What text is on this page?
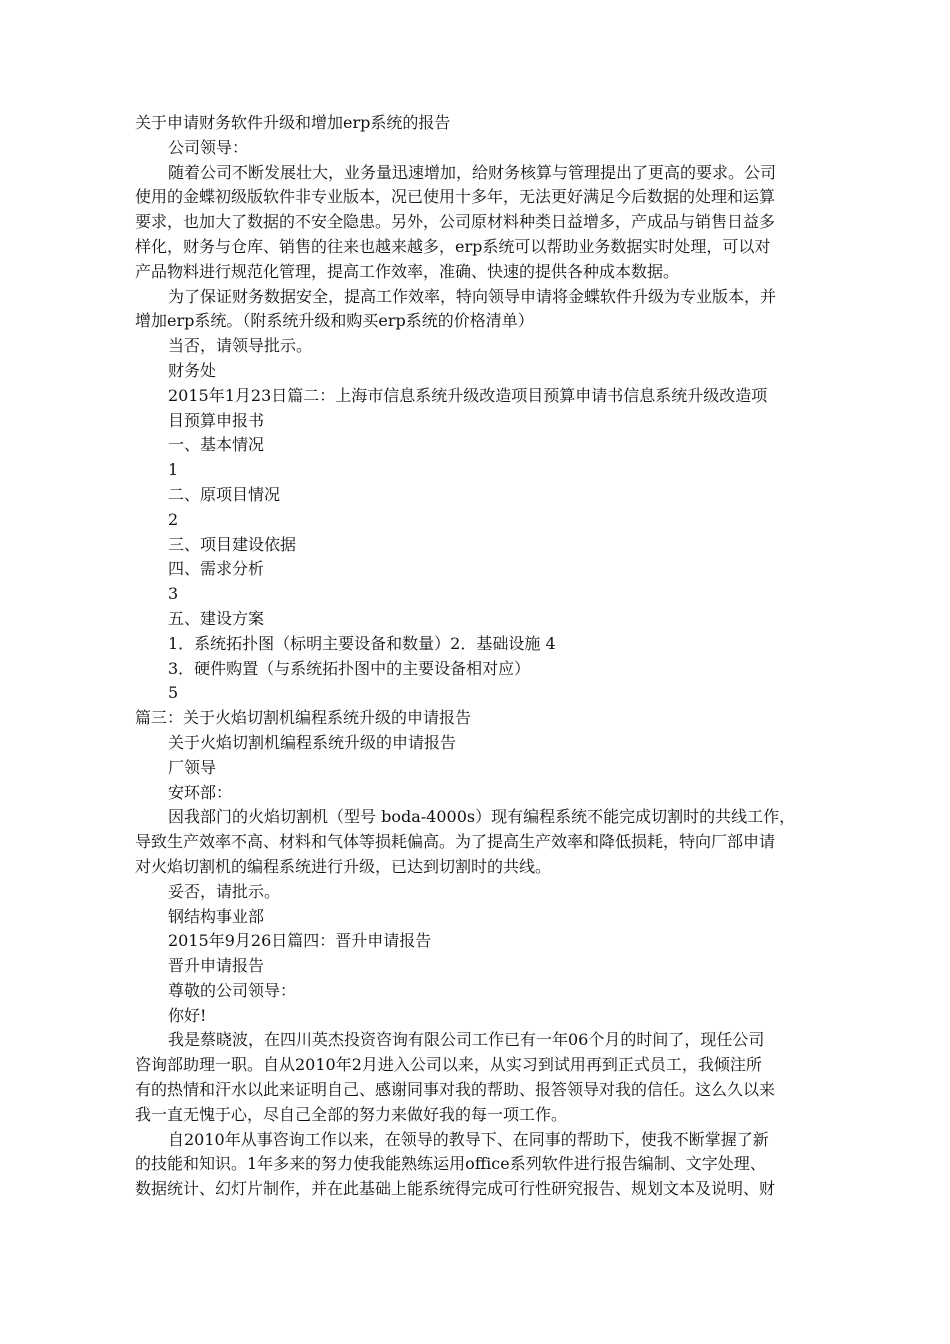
关于申请财务软件升级和增加erp系统的报告
公司领导：
随着公司不断发展壮大，业务量迅速增加，给财务核算与管理提出了更高的要求。公司
使用的金蝶初级版软件非专业版本，况已使用十多年，无法更好满足今后数据的处理和运算
要求，也加大了数据的不安全隐患。另外，公司原材料种类日益增多，产成品与销售日益多
样化，财务与仓库、销售的往来也越来越多，erp系统可以帮助业务数据实时处理，可以对
产品物料进行规范化管理，提高工作效率，准确、快速的提供各种成本数据。
为了保证财务数据安全，提高工作效率，特向领导申请将金蝶软件升级为专业版本，并
增加erp系统。（附系统升级和购买erp系统的价格清单）
当否，请领导批示。
财务处
2015年1月23日篇二：上海市信息系统升级改造项目预算申请书信息系统升级改造项
目预算申报书
一、基本情况
1
二、原项目情况
2
三、项目建设依据
四、需求分析
3
五、建设方案
1．系统拓扑图（标明主要设备和数量）2．基础设施 4
3．硬件购置（与系统拓扑图中的主要设备相对应）
5
篇三：关于火焰切割机编程系统升级的申请报告
关于火焰切割机编程系统升级的申请报告
厂领导
安环部：
因我部门的火焰切割机（型号 boda-4000s）现有编程系统不能完成切割时的共线工作，
导致生产效率不高、材料和气体等损耗偏高。为了提高生产效率和降低损耗，特向厂部申请
对火焰切割机的编程系统进行升级，已达到切割时的共线。
妥否，请批示。
钢结构事业部
2015年9月26日篇四：晋升申请报告
晋升申请报告
尊敬的公司领导：
你好!
我是蔡晓波，在四川英杰投资咨询有限公司工作已有一年06个月的时间了，现任公司
咨询部助理一职。自从2010年2月进入公司以来，从实习到试用再到正式员工，我倾注所
有的热情和汗水以此来证明自己、感谢同事对我的帮助、报答领导对我的信任。这么久以来
我一直无愧于心，尽自己全部的努力来做好我的每一项工作。
自2010年从事咨询工作以来，在领导的教导下、在同事的帮助下，使我不断掌握了新
的技能和知识。1年多来的努力使我能熟练运用office系列软件进行报告编制、文字处理、
数据统计、幻灯片制作，并在此基础上能系统得完成可行性研究报告、规划文本及说明、财
